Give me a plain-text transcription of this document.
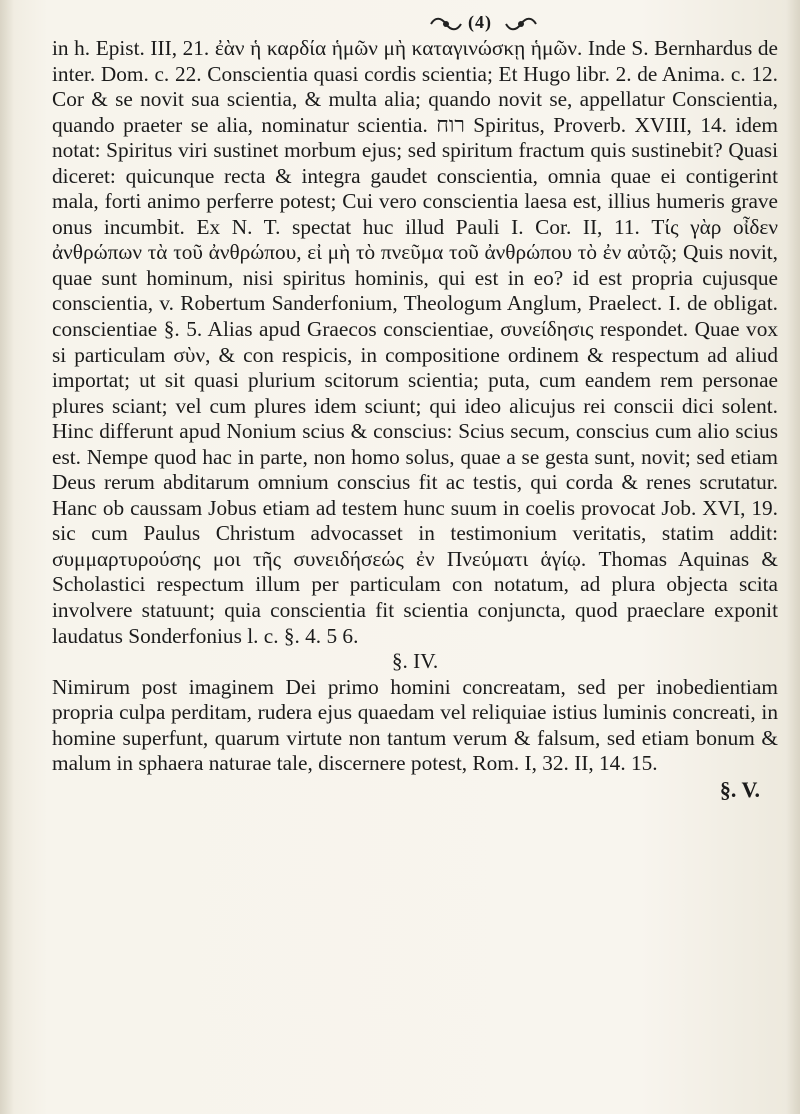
(4)

in h. Epist. III, 21. ἐὰν ἡ καρδία ἡμῶν μὴ καταγινώσκῃ ἡμῶν. Inde S. Bernhardus de inter. Dom. c. 22. Conscientia quasi cordis scientia; Et Hugo libr. 2. de Anima. c. 12. Cor & se novit sua scientia, & multa alia; quando novit se, appellatur Conscientia, quando praeter se alia, nominatur scientia. רוח Spiritus, Proverb. XVIII, 14. idem notat: Spiritus viri sustinet morbum ejus; sed spiritum fractum quis sustinebit? Quasi diceret: quicunque recta & integra gaudet conscientia, omnia quae ei contigerint mala, forti animo perferre potest; Cui vero conscientia laesa est, illius humeris grave onus incumbit. Ex N. T. spectat huc illud Pauli I. Cor. II, 11. Τίς γὰρ οἶδεν ἀνθρώπων τὰ τοῦ ἀνθρώπου, εἰ μὴ τὸ πνεῦμα τοῦ ἀνθρώπου τὸ ἐν αὐτῷ; Quis novit, quae sunt hominum, nisi spiritus hominis, qui est in eo? id est propria cujusque conscientia, v. Robertum Sanderfonium, Theologum Anglum, Praelect. I. de obligat. conscientiae §. 5. Alias apud Graecos conscientiae, συνείδησις respondet. Quae vox si particulam σὺν, & con respicis, in compositione ordinem & respectum ad aliud importat; ut sit quasi plurium scitorum scientia; puta, cum eandem rem personae plures sciant; vel cum plures idem sciunt; qui ideo alicujus rei conscii dici solent. Hinc differunt apud Nonium scius & conscius: Scius secum, conscius cum alio scius est. Nempe quod hac in parte, non homo solus, quae a se gesta sunt, novit; sed etiam Deus rerum abditarum omnium conscius fit ac testis, qui corda & renes scrutatur. Hanc ob caussam Jobus etiam ad testem hunc suum in coelis provocat Job. XVI, 19. sic cum Paulus Christum advocasset in testimonium veritatis, statim addit: συμμαρτυρούσης μοι τῆς συνειδήσεώς ἐν Πνεύματι ἁγίῳ. Thomas Aquinas & Scholastici respectum illum per particulam con notatum, ad plura objecta scita involvere statuunt; quia conscientia fit scientia conjuncta, quod praeclare exponit laudatus Sonderfonius l. c. §. 4. 5 6.

§. IV.

Nimirum post imaginem Dei primo homini concreatam, sed per inobedientiam propria culpa perditam, rudera ejus quaedam vel reliquiae istius luminis concreati, in homine superfunt, quarum virtute non tantum verum & falsum, sed etiam bonum & malum in sphaera naturae tale, discernere potest, Rom. I, 32. II, 14. 15.

§. V.
